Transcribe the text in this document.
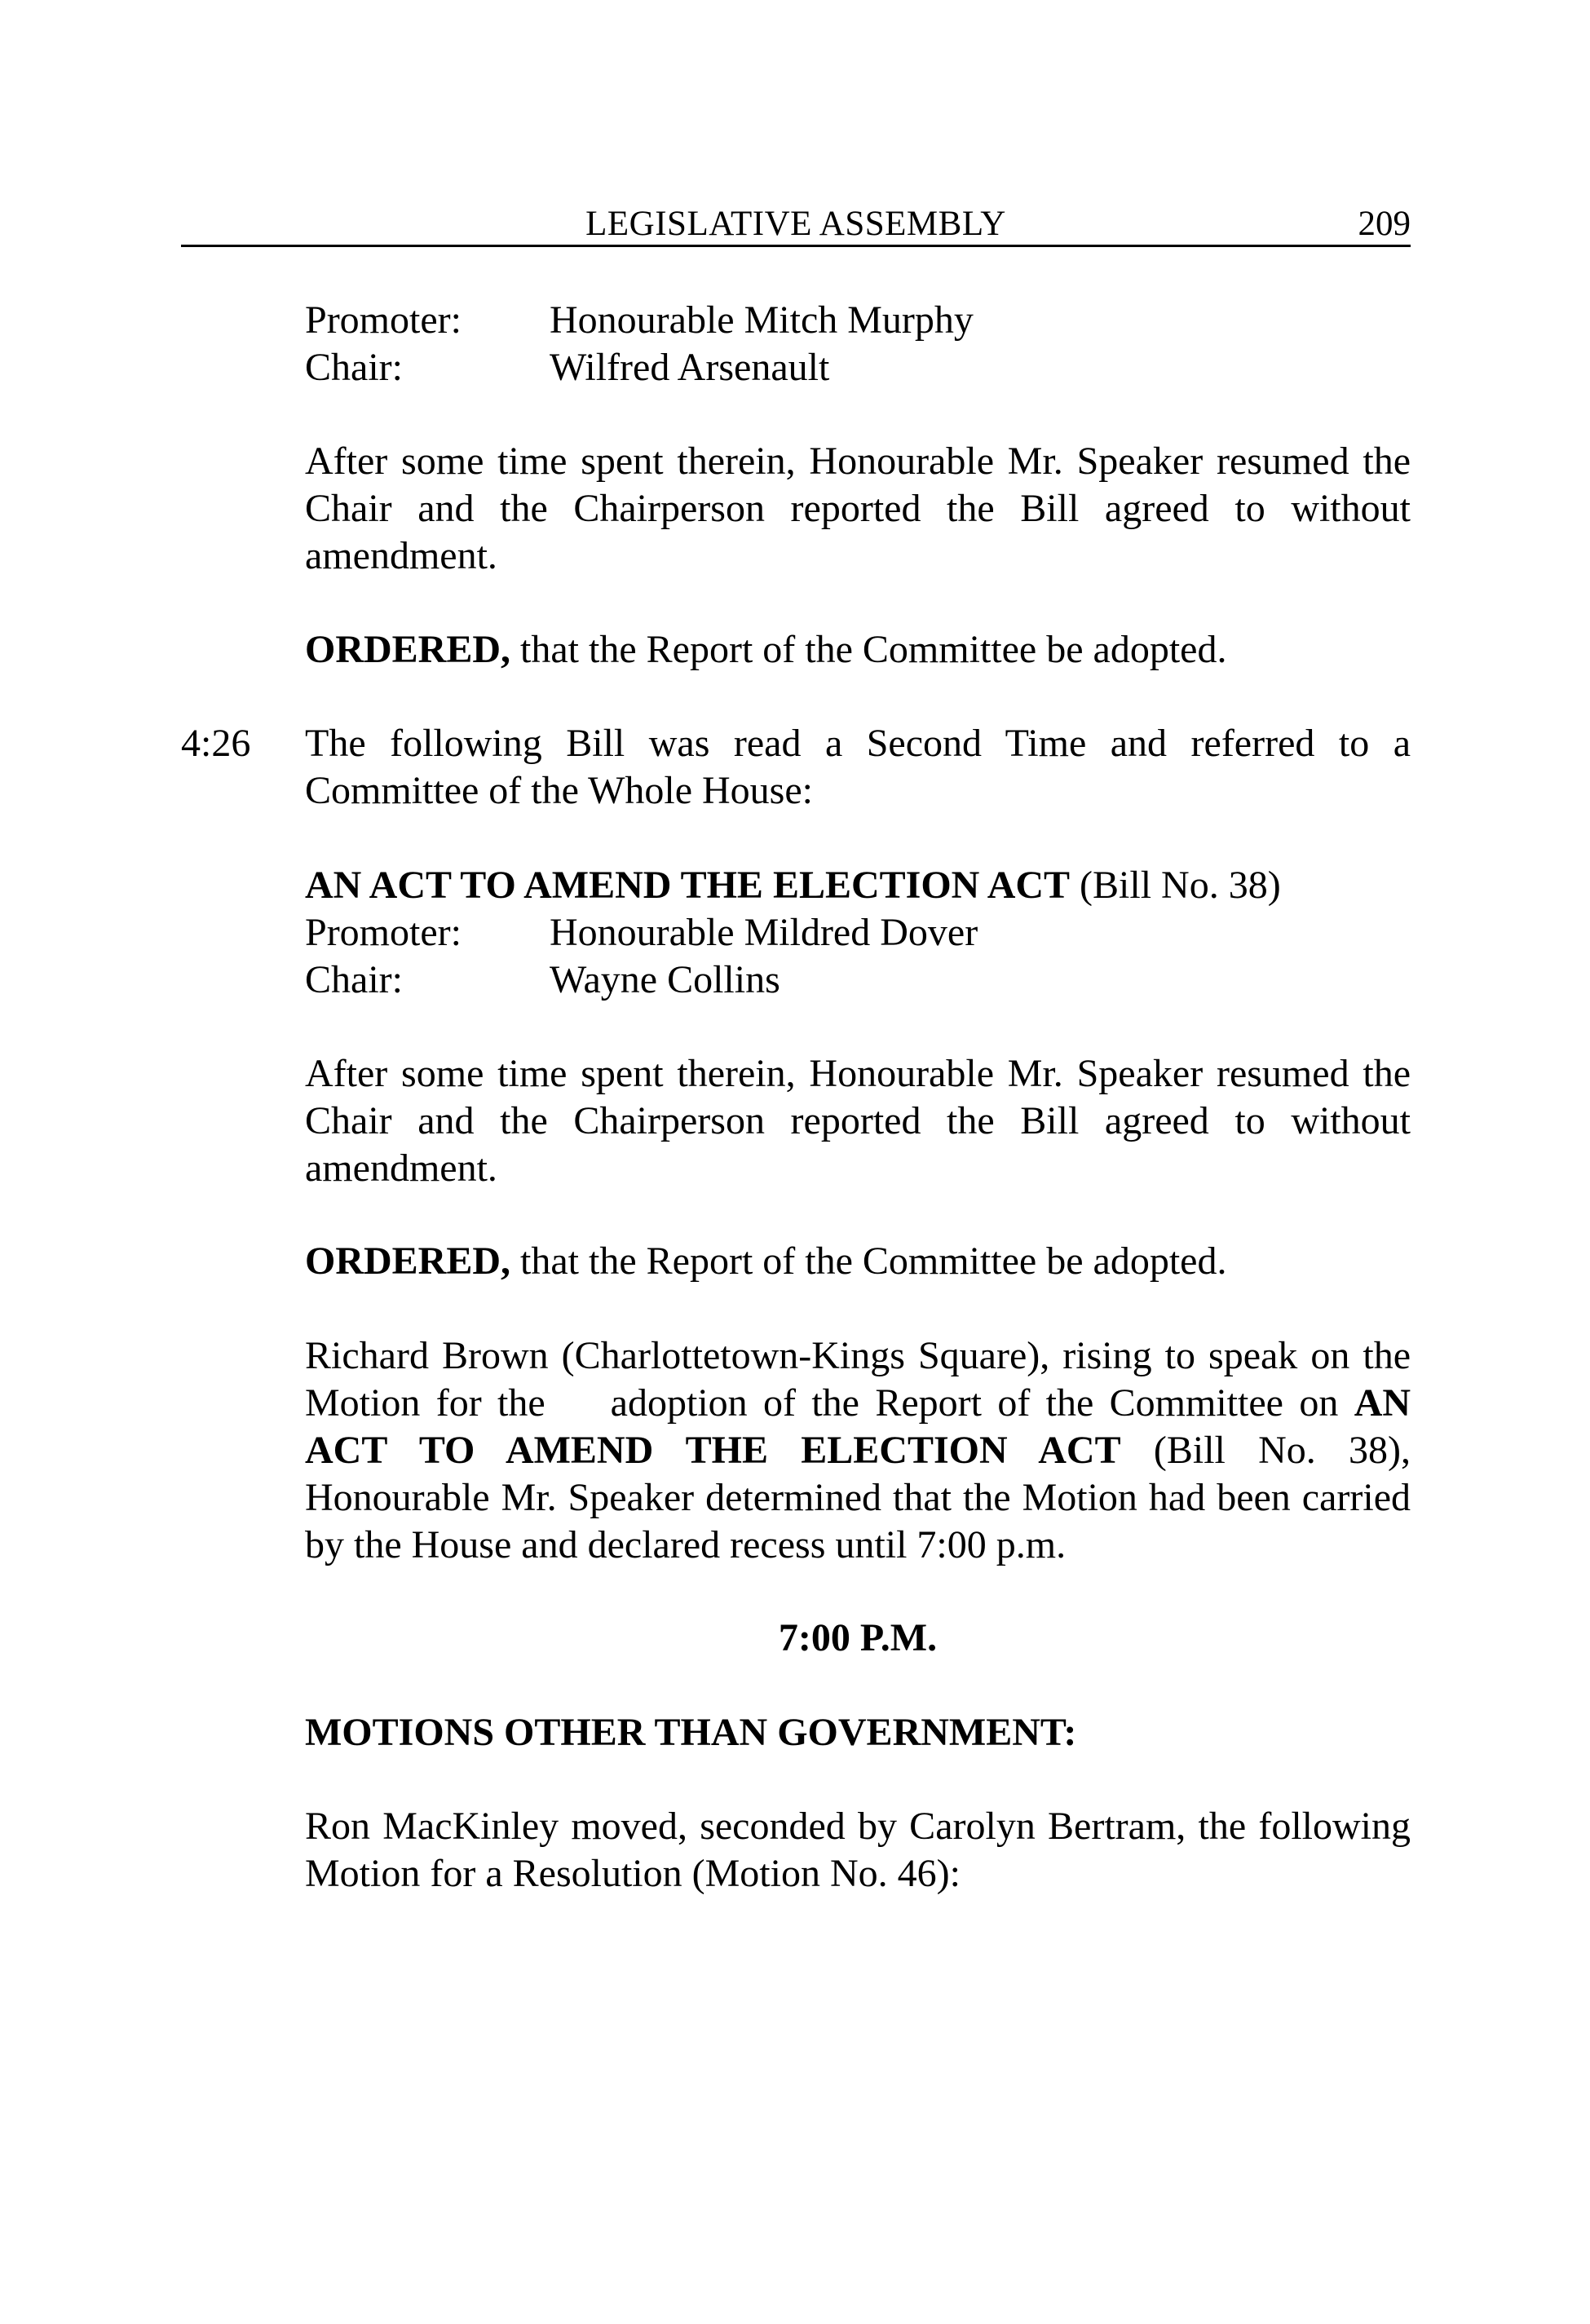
LEGISLATIVE ASSEMBLY	209
Promoter: Honourable Mitch Murphy
Chair:	Wilfred Arsenault

After some time spent therein, Honourable Mr. Speaker resumed the Chair and the Chairperson reported the Bill agreed to without amendment.

ORDERED, that the Report of the Committee be adopted.
4:26 The following Bill was read a Second Time and referred to a Committee of the Whole House:

AN ACT TO AMEND THE ELECTION ACT (Bill No. 38)
Promoter: Honourable Mildred Dover
Chair:	Wayne Collins

After some time spent therein, Honourable Mr. Speaker resumed the Chair and the Chairperson reported the Bill agreed to without amendment.

ORDERED, that the Report of the Committee be adopted.

Richard Brown (Charlottetown-Kings Square), rising to speak on the Motion for the adoption of the Report of the Committee on AN ACT TO AMEND THE ELECTION ACT (Bill No. 38), Honourable Mr. Speaker determined that the Motion had been carried by the House and declared recess until 7:00 p.m.

7:00 P.M.
MOTIONS OTHER THAN GOVERNMENT:

Ron MacKinley moved, seconded by Carolyn Bertram, the following Motion for a Resolution (Motion No. 46):
